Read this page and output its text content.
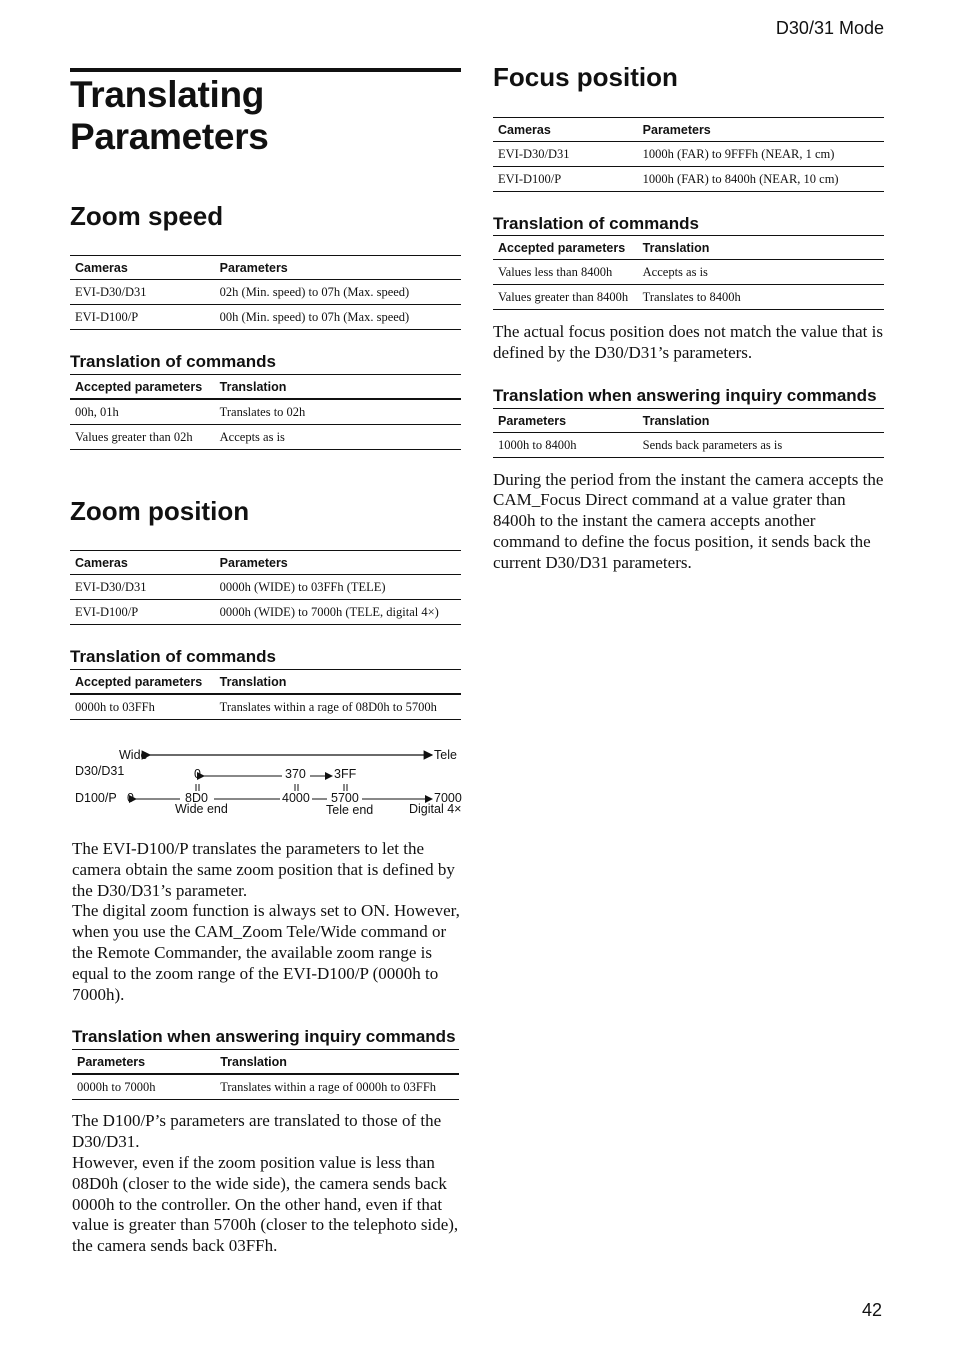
D30/31 Mode
Translating Parameters
Zoom speed
Cameras	Parameters
EVI-D30/D31	02h (Min. speed) to 07h (Max. speed)
EVI-D100/P	00h (Min. speed) to 07h (Max. speed)
Translation of commands
Accepted parameters	Translation
00h, 01h	Translates to 02h
Values greater than 02h	Accepts as is
Zoom position
Cameras	Parameters
EVI-D30/D31	0000h (WIDE) to 03FFh (TELE)
EVI-D100/P	0000h (WIDE) to 7000h (TELE, digital 4×)
Translation of commands
Accepted parameters	Translation
0000h to 03FFh	Translates within a rage of 08D0h to 5700h
Wide	Tele
D30/D31	0	370 3FF
D100/P 0	8D0	4000 5700	7000
Wide end	Tele end	Digital 4×

The EVI-D100/P translates the parameters to let the camera obtain the same zoom position that is defined by the D30/D31’s parameter.

The digital zoom function is always set to ON. However, when you use the CAM_Zoom Tele/Wide command or the Remote Commander, the available zoom range is equal to the zoom range of the EVI-D100/P (0000h to 7000h).

Translation when answering inquiry commands
Parameters	Translation
0000h to 7000h	Translates within a rage of 0000h to 03FFh

The D100/P’s parameters are translated to those of the D30/D31.

However, even if the zoom position value is less than 08D0h (closer to the wide side), the camera sends back 0000h to the controller. On the other hand, even if that value is greater than 5700h (closer to the telephoto side), the camera sends back 03FFh.

Focus position
Cameras	Parameters
EVI-D30/D31	1000h (FAR) to 9FFFh (NEAR, 1 cm)
EVI-D100/P	1000h (FAR) to 8400h (NEAR, 10 cm)
Translation of commands
Accepted parameters	Translation
Values less than 8400h	Accepts as is
Values greater than 8400h	Translates to 8400h

The actual focus position does not match the value that is defined by the D30/D31’s parameters.

Translation when answering inquiry commands
Parameters	Translation
1000h to 8400h	Sends back parameters as is

During the period from the instant the camera accepts the CAM_Focus Direct command at a value grater than 8400h to the instant the camera accepts another command to define the focus position, it sends back the current D30/D31 parameters.

42
